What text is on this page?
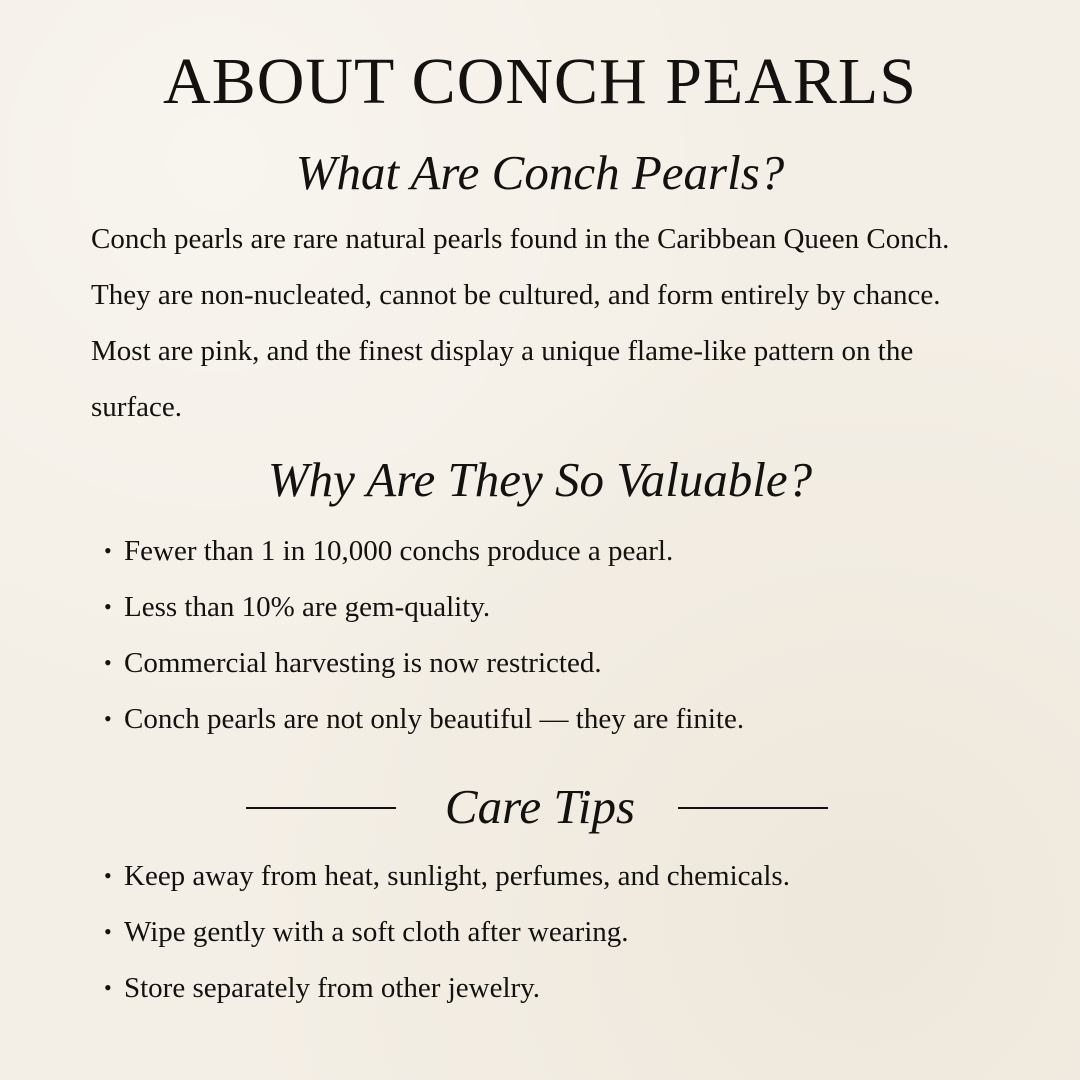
ABOUT CONCH PEARLS
What Are Conch Pearls?

Conch pearls are rare natural pearls found in the Caribbean Queen Conch. They are non-nucleated, cannot be cultured, and form entirely by chance. Most are pink, and the finest display a unique flame-like pattern on the surface.

Why Are They So Valuable?
• Fewer than 1 in 10,000 conchs produce a pearl.
• Less than 10% are gem-quality.
• Commercial harvesting is now restricted.
• Conch pearls are not only beautiful — they are finite.
Care Tips
• Keep away from heat, sunlight, perfumes, and chemicals.
• Wipe gently with a soft cloth after wearing.
• Store separately from other jewelry.
